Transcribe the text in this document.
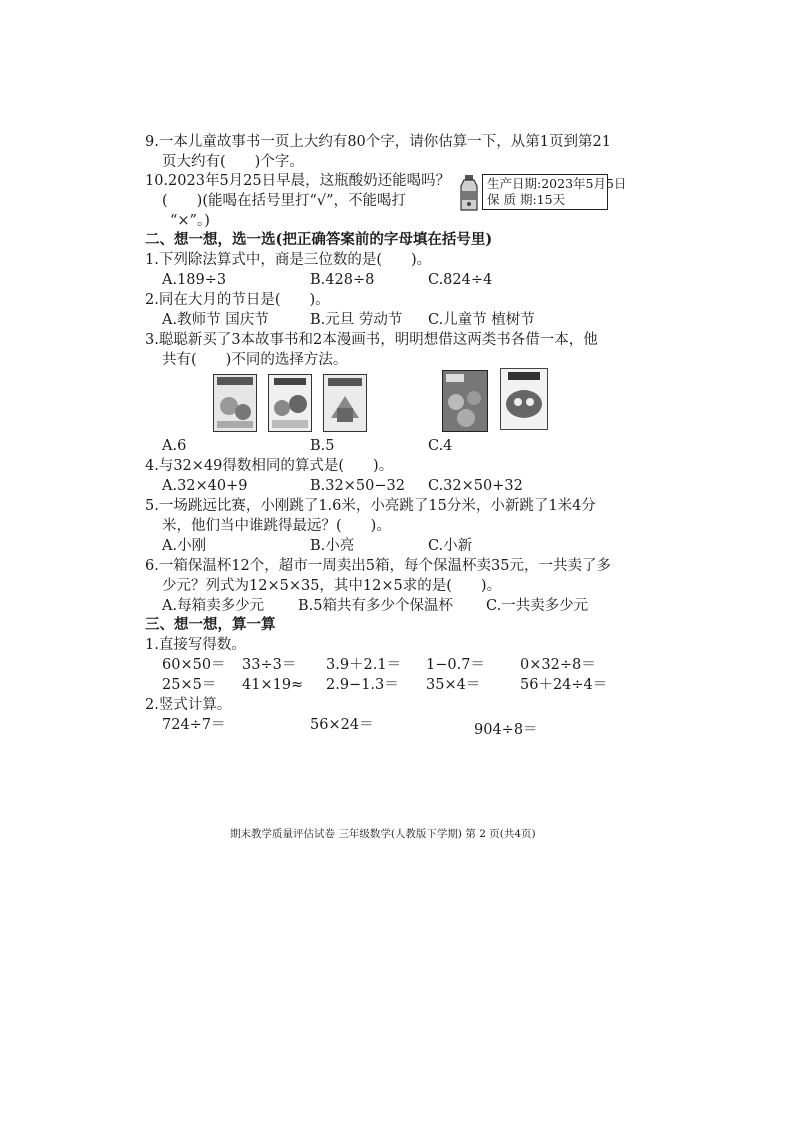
9.一本儿童故事书一页上大约有80个字，请你估算一下，从第1页到第21
页大约有(　　)个字。
10.2023年5月25日早晨，这瓶酸奶还能喝吗？
(　　)(能喝在括号里打“√”，不能喝打
“×”。)
生产日期:2023年5月5日
保 质 期:15天
二、想一想，选一选(把正确答案前的字母填在括号里)
1.下列除法算式中，商是三位数的是(　　)。
A.189÷3	B.428÷8	C.824÷4
2.同在大月的节日是(　　)。
A.教师节 国庆节	B.元旦 劳动节 C.儿童节 植树节
3.聪聪新买了3本故事书和2本漫画书，明明想借这两类书各借一本，他
共有(　　)不同的选择方法。
A.6	B.5	C.4
4.与32×49得数相同的算式是(　　)。
A.32×40+9	B.32×50−32 C.32×50+32
5.一场跳远比赛，小刚跳了1.6米，小亮跳了15分米，小新跳了1米4分
米，他们当中谁跳得最远？(　　)。
A.小刚	B.小亮	C.小新
6.一箱保温杯12个，超市一周卖出5箱，每个保温杯卖35元，一共卖了多
少元？列式为12×5×35，其中12×5求的是(　　)。
A.每箱卖多少元 B.5箱共有多少个保温杯 C.一共卖多少元
三、想一想，算一算
1.直接写得数。
60×50＝ 33÷3＝ 3.9＋2.1＝ 1−0.7＝ 0×32÷8＝
25×5＝ 41×19≈ 2.9−1.3＝ 35×4＝	56＋24÷4＝
2.竖式计算。
724÷7＝	56×24＝	904÷8＝
期末教学质量评估试卷 三年级数学(人教版下学期) 第 2 页(共4页)
